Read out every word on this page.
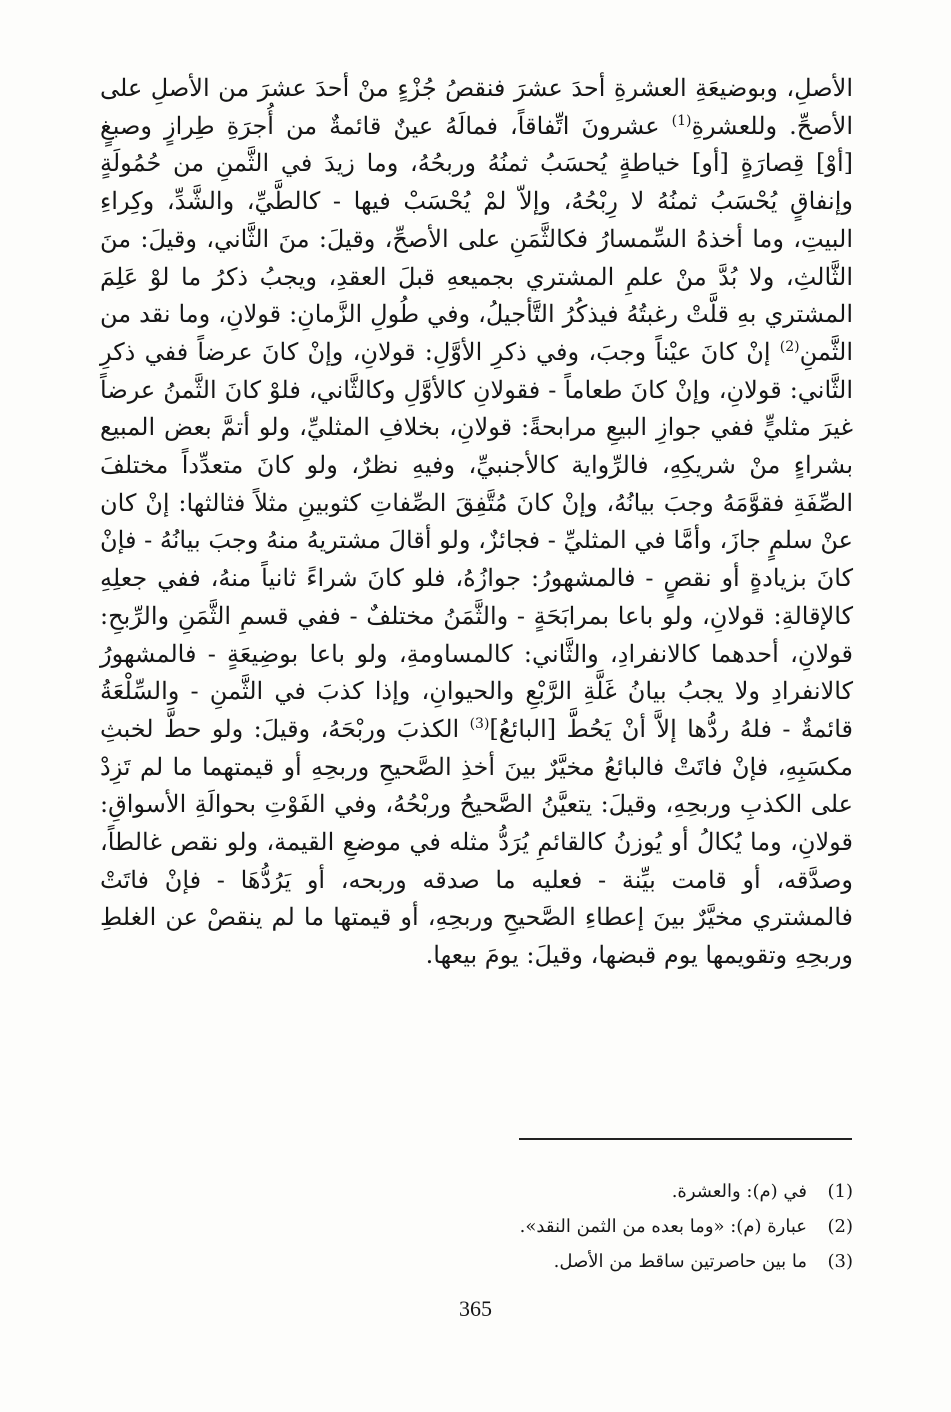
الأصلِ، وبوضيعَةِ العشرةِ أحدَ عشرَ فنقصُ جُزْءٍ منْ أحدَ عشرَ من الأصلِ على الأصحِّ. وللعشرةِ$^{(1)}$ عشرونَ اتِّفاقاً، فمالَهُ عينٌ قائمةٌ من أُجرَةِ طِرازٍ وصبغٍ [أوْ] قِصارَةٍ [أو] خياطةٍ يُحسَبُ ثمنُهُ وربحُهُ، وما زيدَ في الثَّمنِ من حُمُولَةٍ وإنفاقٍ يُحْسَبُ ثمنُهُ لا رِبْحُهُ، وإلاّ لمْ يُحْسَبْ فيها - كالطَّيِّ، والشَّدِّ، وكِراءِ البيتِ، وما أخذهُ السِّمسارُ فكالثَّمَنِ على الأصحِّ، وقيلَ: منَ الثَّاني، وقيلَ: منَ الثَّالثِ، ولا بُدَّ منْ علمِ المشتري بجميعهِ قبلَ العقدِ، ويجبُ ذكرُ ما لوْ عَلِمَ المشتري بهِ قلَّتْ رغبتُهُ فيذكُرُ التَّأجيلُ، وفي طُولِ الزَّمانِ: قولانِ، وما نقد من الثَّمنِ$^{(2)}$ إنْ كانَ عيْناً وجبَ، وفي ذكرِ الأوَّلِ: قولانِ، وإنْ كانَ عرضاً ففي ذكرِ الثَّاني: قولانِ، وإنْ كانَ طعاماً - فقولانِ كالأوَّلِ وكالثَّاني، فلوْ كانَ الثَّمنُ عرضاً غيرَ مثليٍّ ففي جوازِ البيعِ مرابحةً: قولانِ، بخلافِ المثليِّ، ولو أتمَّ بعض المبيع بشراءٍ منْ شريكِهِ، فالرِّواية كالأجنبيِّ، وفيهِ نظرٌ، ولو كانَ متعدِّداً مختلفَ الصِّفَةِ فقوَّمَهُ وجبَ بيانُهُ، وإنْ كانَ مُتَّفِقَ الصِّفاتِ كثوبينِ مثلاً فثالثها: إنْ كان عنْ سلمٍ جازَ، وأمَّا في المثليِّ - فجائزٌ، ولو أقالَ مشتريهُ منهُ وجبَ بيانُهُ - فإنْ كانَ بزيادةٍ أو نقصٍ - فالمشهورُ: جوازُهُ، فلو كانَ شراءً ثانياً منهُ، ففي جعلِهِ كالإقالةِ: قولانِ، ولو باعا بمرابَحَةٍ - والثَّمَنُ مختلفٌ - ففي قسمِ الثَّمَنِ والرِّبحِ: قولانِ، أحدهما كالانفرادِ، والثَّاني: كالمساومةِ، ولو باعا بوضِيعَةٍ - فالمشهورُ كالانفرادِ ولا يجبُ بيانُ غَلَّةِ الرَّبْعِ والحيوانِ، وإذا كذبَ في الثَّمنِ - والسِّلْعَةُ قائمةٌ - فلهُ ردُّها إلاَّ أنْ يَحُطَّ [البائعُ]$^{(3)}$ الكذبَ وربْحَهُ، وقيلَ: ولو حطَّ لخبثِ مكسَبِهِ، فإنْ فاتَتْ فالبائعُ مخيَّرٌ بينَ أخذِ الصَّحيحِ وربحِهِ أو قيمتهما ما لم تَزِدْ على الكذبِ وربحِهِ، وقيلَ: يتعيَّنُ الصَّحيحُ وربْحُهُ، وفي الفَوْتِ بحوالَةِ الأسواقِ: قولانِ، وما يُكالُ أو يُوزنُ كالقائمِ يُرَدُّ مثله في موضعِ القيمة، ولو نقص غالطاً، وصدَّقه، أو قامت بيِّنة - فعليه ما صدقه وربحه، أو يَرُدُّهَا - فإنْ فاتَتْ فالمشتري مخيَّرٌ بينَ إعطاءِ الصَّحيحِ وربحِهِ، أو قيمتها ما لم ينقصْ عن الغلطِ وربحِهِ وتقويمها يوم قبضها، وقيلَ: يومَ بيعها.

(1)في (م): والعشرة.
(2)عبارة (م): «وما بعده من الثمن النقد».
(3)ما بين حاصرتين ساقط من الأصل.
365
